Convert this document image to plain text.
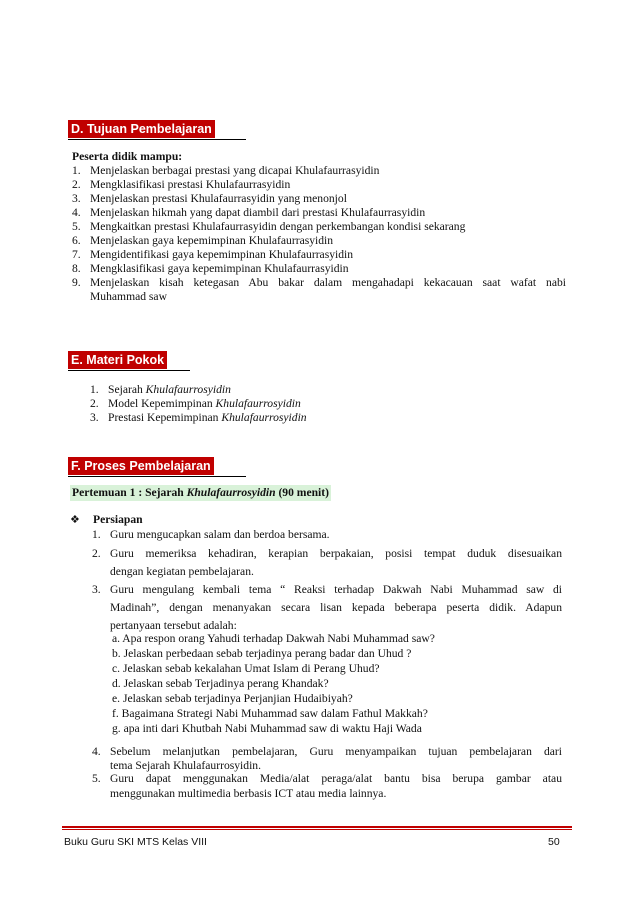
D. Tujuan Pembelajaran
Peserta didik mampu:
1. Menjelaskan berbagai prestasi yang dicapai Khulafaurrasyidin
2. Mengklasifikasi prestasi Khulafaurrasyidin
3. Menjelaskan prestasi Khulafaurrasyidin yang menonjol
4. Menjelaskan hikmah yang dapat diambil dari prestasi Khulafaurrasyidin
5. Mengkaitkan prestasi Khulafaurrasyidin dengan perkembangan kondisi sekarang
6. Menjelaskan gaya kepemimpinan Khulafaurrasyidin
7. Mengidentifikasi gaya kepemimpinan Khulafaurrasyidin
8. Mengklasifikasi gaya kepemimpinan Khulafaurrasyidin
9. Menjelaskan kisah ketegasan Abu bakar dalam mengahadapi kekacauan saat wafat nabi
Muhammad saw
E. Materi Pokok
1. Sejarah Khulafaurrosyidin
2. Model Kepemimpinan Khulafaurrosyidin
3. Prestasi Kepemimpinan Khulafaurrosyidin
F. Proses Pembelajaran
Pertemuan 1 : Sejarah Khulafaurrosyidin (90 menit)
❖ Persiapan
1. Guru mengucapkan salam dan berdoa bersama.
2. Guru memeriksa kehadiran, kerapian berpakaian, posisi tempat duduk disesuaikan
dengan kegiatan pembelajaran.
3. Guru mengulang kembali tema “ Reaksi terhadap Dakwah Nabi Muhammad saw di
Madinah”, dengan menanyakan secara lisan kepada beberapa peserta didik. Adapun
pertanyaan tersebut adalah:
4. Sebelum melanjutkan pembelajaran, Guru menyampaikan tujuan pembelajaran dari
tema Sejarah Khulafaurrosyidin.
5. Guru dapat menggunakan Media/alat peraga/alat bantu bisa berupa gambar atau
menggunakan multimedia berbasis ICT atau media lainnya.
a. Apa respon orang Yahudi terhadap Dakwah Nabi Muhammad saw?
b. Jelaskan perbedaan sebab terjadinya perang badar dan Uhud ?
c. Jelaskan sebab kekalahan Umat Islam di Perang Uhud?
d. Jelaskan sebab Terjadinya perang Khandak?
e. Jelaskan sebab terjadinya Perjanjian Hudaibiyah?
f. Bagaimana Strategi Nabi Muhammad saw dalam Fathul Makkah?
g. apa inti dari Khutbah Nabi Muhammad saw di waktu Haji Wada
Buku Guru SKI MTS Kelas VIII	50
